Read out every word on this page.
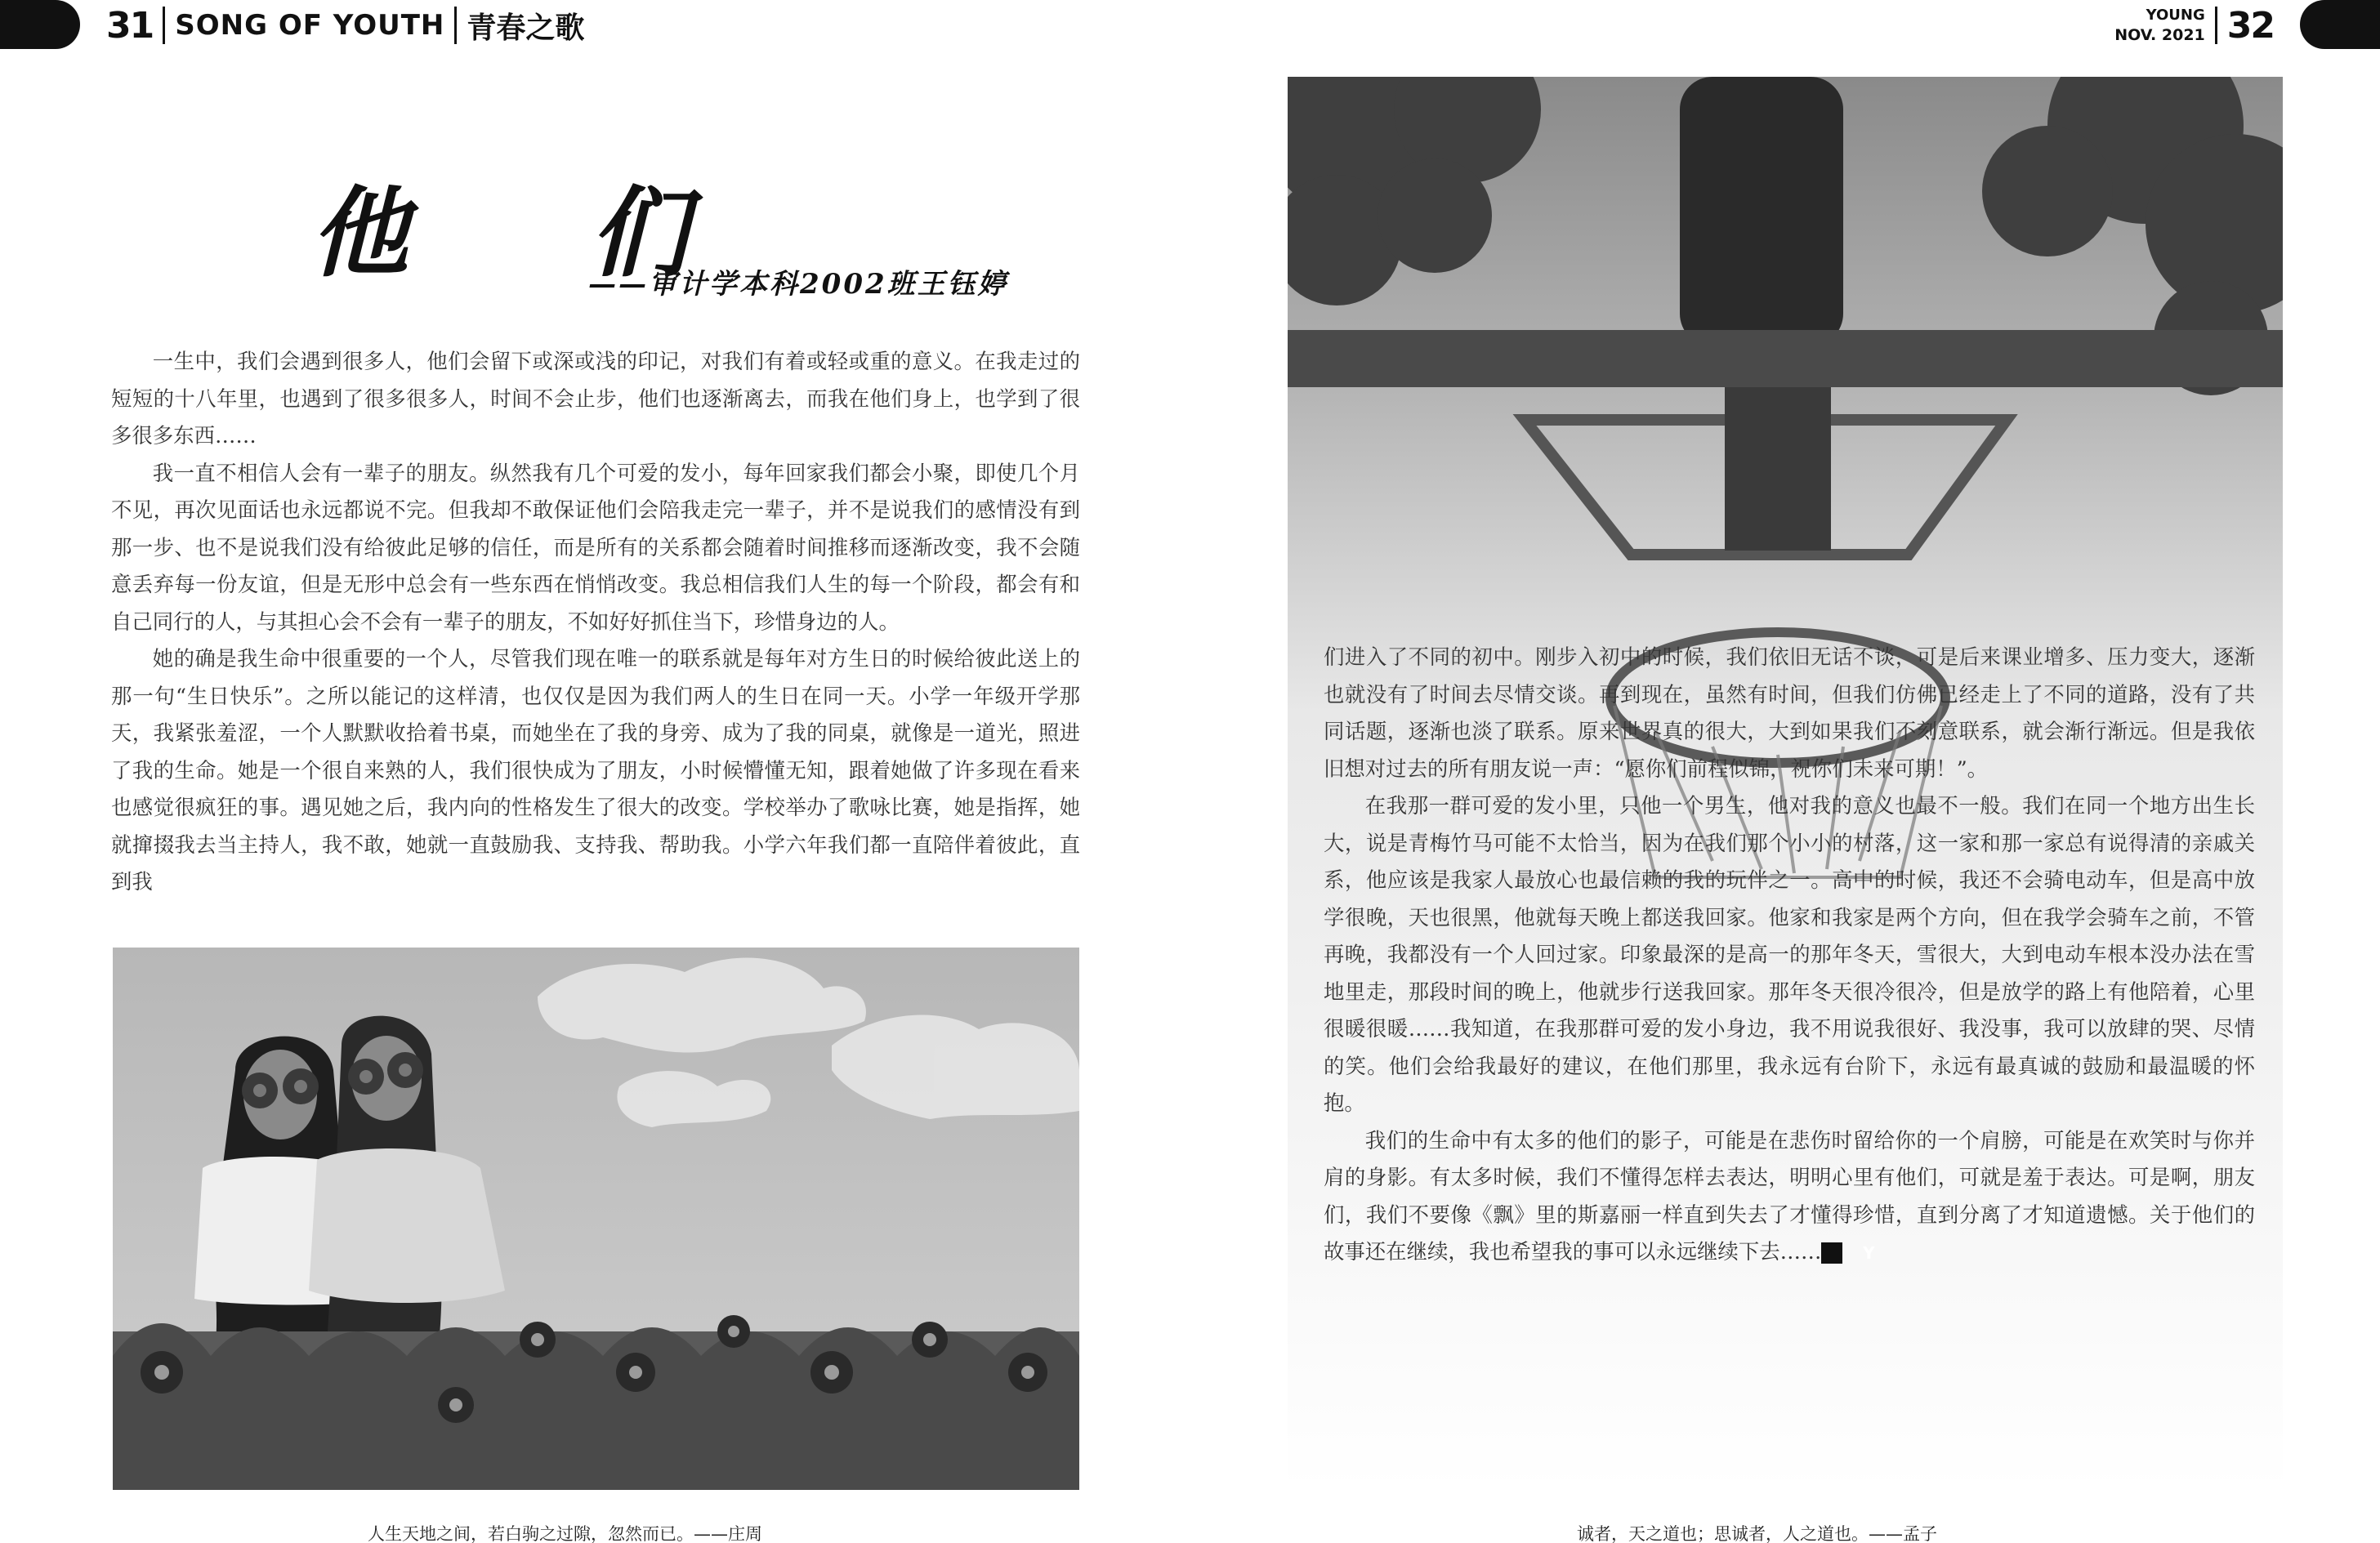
31 SONG OF YOUTH 青春之歌	YOUNG
NOV. 2021 32
他 们
——审计学本科2002班王钰婷

一生中，我们会遇到很多人，他们会留下或深或浅的印记，对我们有着或轻或重的意义。在我走过的短短的十八年里，也遇到了很多很多人，时间不会止步，他们也逐渐离去，而我在他们身上，也学到了很多很多东西……

我一直不相信人会有一辈子的朋友。纵然我有几个可爱的发小，每年回家我们都会小聚，即使几个月不见，再次见面话也永远都说不完。但我却不敢保证他们会陪我走完一辈子，并不是说我们的感情没有到那一步、也不是说我们没有给彼此足够的信任，而是所有的关系都会随着时间推移而逐渐改变，我不会随意丢弃每一份友谊，但是无形中总会有一些东西在悄悄改变。我总相信我们人生的每一个阶段，都会有和自己同行的人，与其担心会不会有一辈子的朋友，不如好好抓住当下，珍惜身边的人。

她的确是我生命中很重要的一个人，尽管我们现在唯一的联系就是每年对方生日的时候给彼此送上的那一句“生日快乐”。之所以能记的这样清，也仅仅是因为我们两人的生日在同一天。小学一年级开学那天，我紧张羞涩，一个人默默收拾着书桌，而她坐在了我的身旁、成为了我的同桌，就像是一道光，照进了我的生命。她是一个很自来熟的人，我们很快成为了朋友，小时候懵懂无知，跟着她做了许多现在看来也感觉很疯狂的事。遇见她之后，我内向的性格发生了很大的改变。学校举办了歌咏比赛，她是指挥，她就撺掇我去当主持人，我不敢，她就一直鼓励我、支持我、帮助我。小学六年我们都一直陪伴着彼此，直到我

们进入了不同的初中。刚步入初中的时候，我们依旧无话不谈，可是后来课业增多、压力变大，逐渐也就没有了时间去尽情交谈。再到现在，虽然有时间，但我们仿佛已经走上了不同的道路，没有了共同话题，逐渐也淡了联系。原来世界真的很大，大到如果我们不刻意联系，就会渐行渐远。但是我依旧想对过去的所有朋友说一声：“愿你们前程似锦，祝你们未来可期！”。

在我那一群可爱的发小里，只他一个男生，他对我的意义也最不一般。我们在同一个地方出生长大，说是青梅竹马可能不太恰当，因为在我们那个小小的村落，这一家和那一家总有说得清的亲戚关系，他应该是我家人最放心也最信赖的我的玩伴之一。高中的时候，我还不会骑电动车，但是高中放学很晚，天也很黑，他就每天晚上都送我回家。他家和我家是两个方向，但在我学会骑车之前，不管再晚，我都没有一个人回过家。印象最深的是高一的那年冬天，雪很大，大到电动车根本没办法在雪地里走，那段时间的晚上，他就步行送我回家。那年冬天很冷很冷，但是放学的路上有他陪着，心里很暖很暖……我知道，在我那群可爱的发小身边，我不用说我很好、我没事，我可以放肆的哭、尽情的笑。他们会给我最好的建议，在他们那里，我永远有台阶下，永远有最真诚的鼓励和最温暖的怀抱。

我们的生命中有太多的他们的影子，可能是在悲伤时留给你的一个肩膀，可能是在欢笑时与你并肩的身影。有太多时候，我们不懂得怎样去表达，明明心里有他们，可就是羞于表达。可是啊，朋友们，我们不要像《飘》里的斯嘉丽一样直到失去了才懂得珍惜，直到分离了才知道遗憾。关于他们的故事还在继续，我也希望我的事可以永远继续下去……	Y

人生天地之间，若白驹之过隙，忽然而已。——庄周	诚者，天之道也；思诚者，人之道也。——孟子
